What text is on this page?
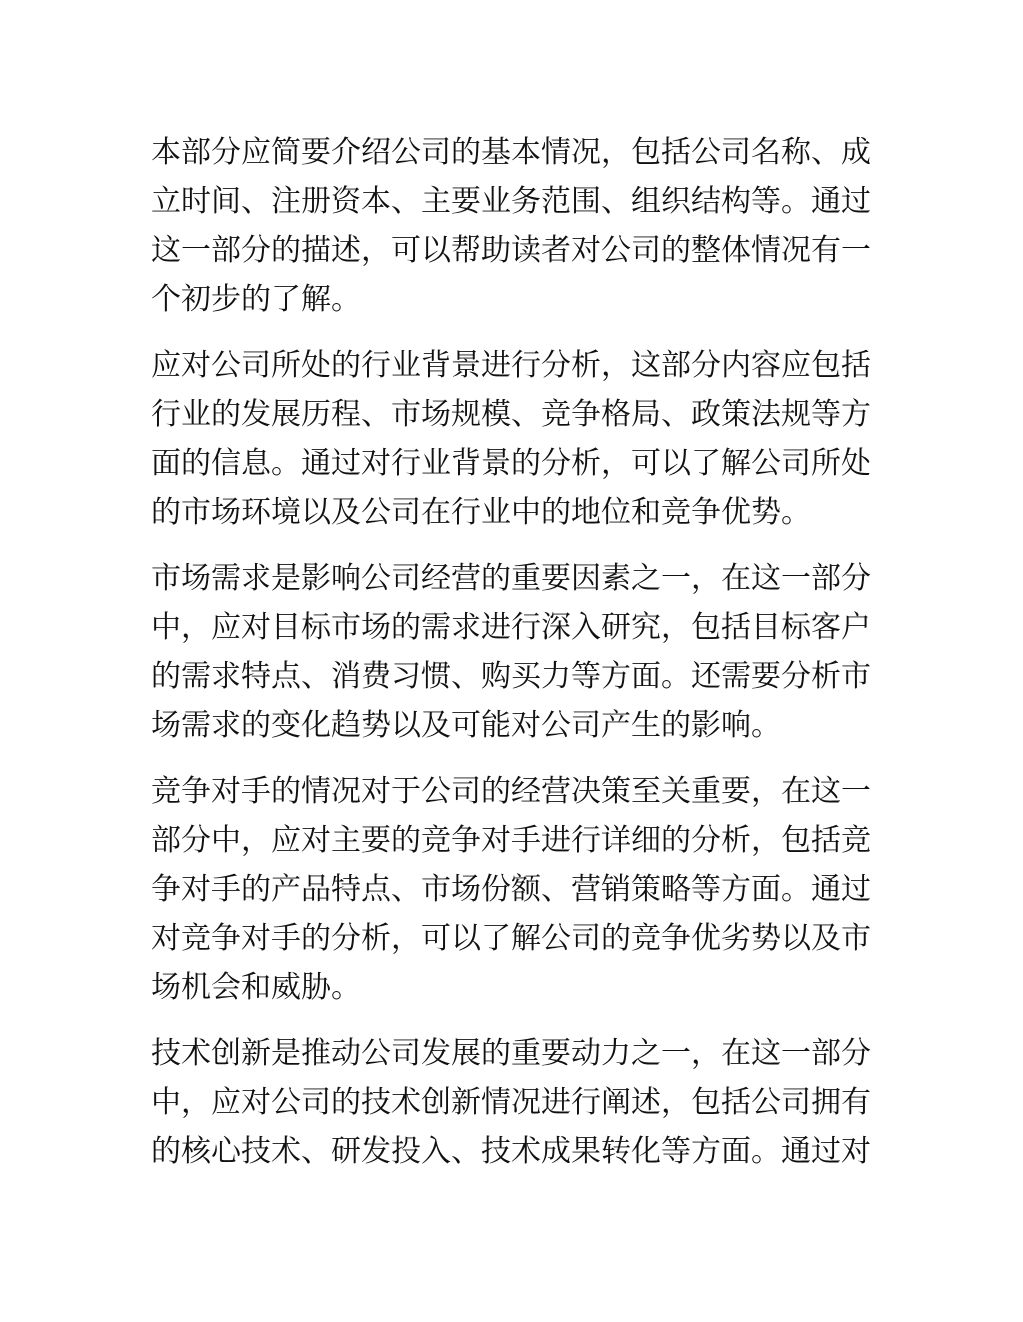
本部分应简要介绍公司的基本情况，包括公司名称、成
立时间、注册资本、主要业务范围、组织结构等。通过
这一部分的描述，可以帮助读者对公司的整体情况有一
个初步的了解。

应对公司所处的行业背景进行分析，这部分内容应包括
行业的发展历程、市场规模、竞争格局、政策法规等方
面的信息。通过对行业背景的分析，可以了解公司所处
的市场环境以及公司在行业中的地位和竞争优势。

市场需求是影响公司经营的重要因素之一，在这一部分
中，应对目标市场的需求进行深入研究，包括目标客户
的需求特点、消费习惯、购买力等方面。还需要分析市
场需求的变化趋势以及可能对公司产生的影响。

竞争对手的情况对于公司的经营决策至关重要，在这一
部分中，应对主要的竞争对手进行详细的分析，包括竞
争对手的产品特点、市场份额、营销策略等方面。通过
对竞争对手的分析，可以了解公司的竞争优劣势以及市
场机会和威胁。

技术创新是推动公司发展的重要动力之一，在这一部分
中，应对公司的技术创新情况进行阐述，包括公司拥有
的核心技术、研发投入、技术成果转化等方面。通过对
